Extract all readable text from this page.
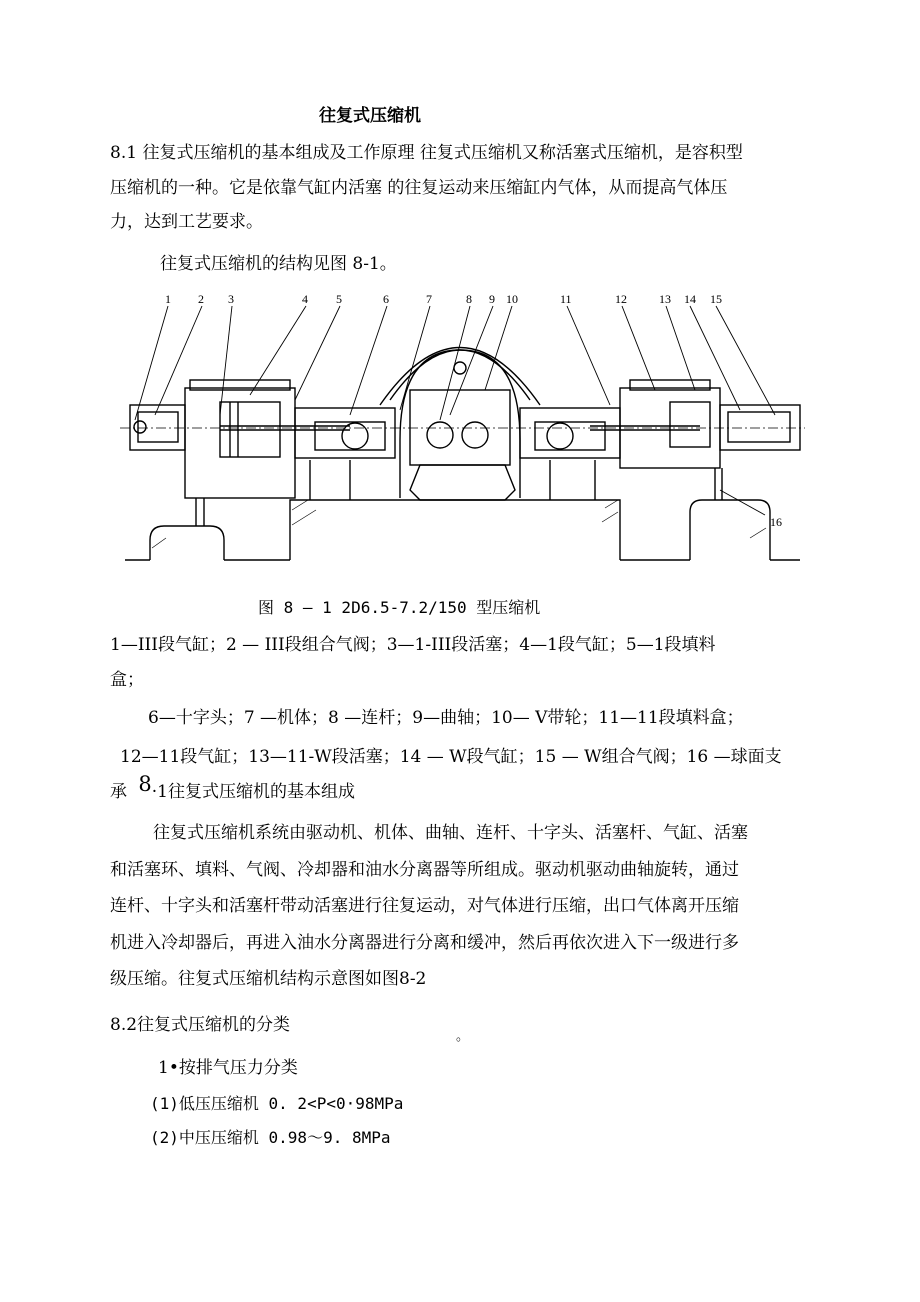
往复式压缩机
8.1 往复式压缩机的基本组成及工作原理 往复式压缩机又称活塞式压缩机，是容积型
压缩机的一种。它是依靠气缸内活塞 的往复运动来压缩缸内气体，从而提高气体压
力，达到工艺要求。
往复式压缩机的结构见图 8-1。
1 2 3	4 5	6	7	8 9 10	11	12	13 14 15
16
图 8 — 1 2D6.5-7.2/150 型压缩机
1—III段气缸；2 — III段组合气阀；3—1-III段活塞；4—1段气缸；5—1段填料
盒；
6—十字头；7 —机体；8 —连杆；9—曲轴；10— V带轮；11—11段填料盒；
12—11段气缸；13—11-W段活塞；14 — W段气缸；15 — W组合气阀；16 —球面支
承 8·1往复式压缩机的基本组成
往复式压缩机系统由驱动机、机体、曲轴、连杆、十字头、活塞杆、气缸、活塞
和活塞环、填料、气阀、冷却器和油水分离器等所组成。驱动机驱动曲轴旋转，通过
连杆、十字头和活塞杆带动活塞进行往复运动，对气体进行压缩，出口气体离开压缩
机进入冷却器后，再进入油水分离器进行分离和缓冲，然后再依次进入下一级进行多
级压缩。往复式压缩机结构示意图如图8-2
8.2往复式压缩机的分类
。
1•按排气压力分类
(1)低压压缩机 0. 2<P<0·98MPa
(2)中压压缩机 0.98～9. 8MPa
